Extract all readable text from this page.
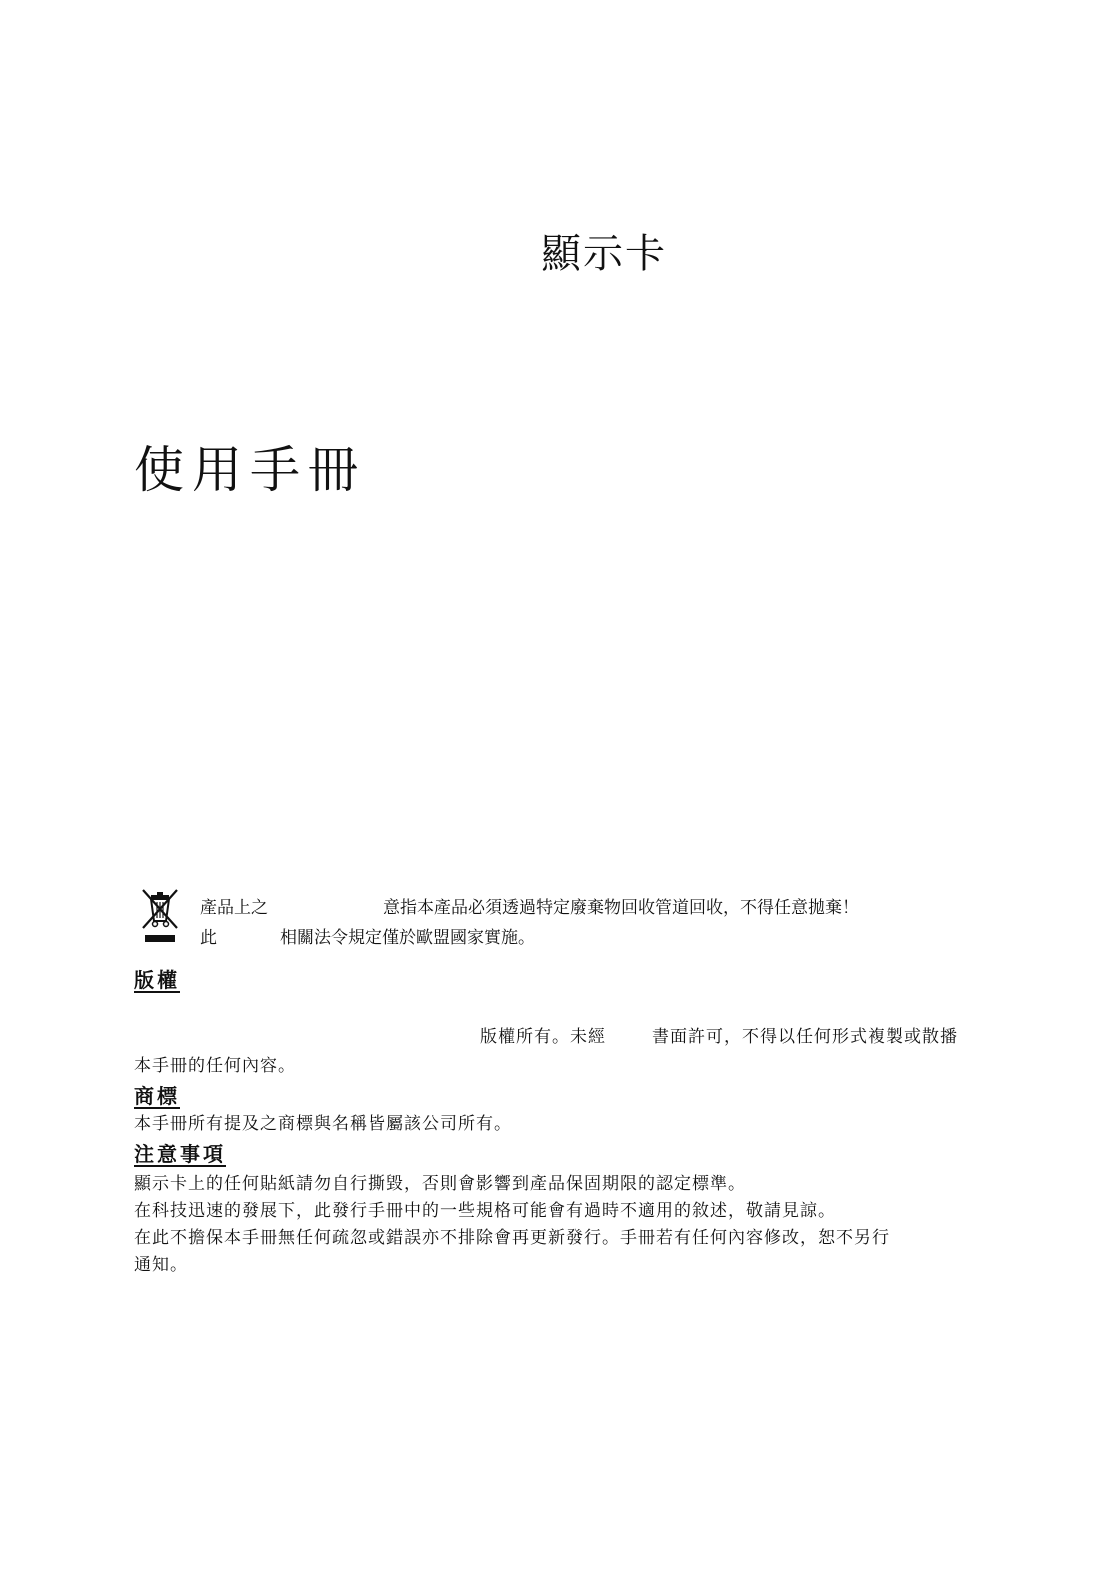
顯示卡
使用手冊
產品上之	意指本產品必須透過特定廢棄物回收管道回收，不得任意拋棄！
此	相關法令規定僅於歐盟國家實施。
版權
版權所有。未經	書面許可，不得以任何形式複製或散播
本手冊的任何內容。
商標
本手冊所有提及之商標與名稱皆屬該公司所有。
注意事項
顯示卡上的任何貼紙請勿自行撕毀，否則會影響到產品保固期限的認定標準。
在科技迅速的發展下，此發行手冊中的一些規格可能會有過時不適用的敘述，敬請見諒。
在此不擔保本手冊無任何疏忽或錯誤亦不排除會再更新發行。手冊若有任何內容修改，恕不另行
通知。
